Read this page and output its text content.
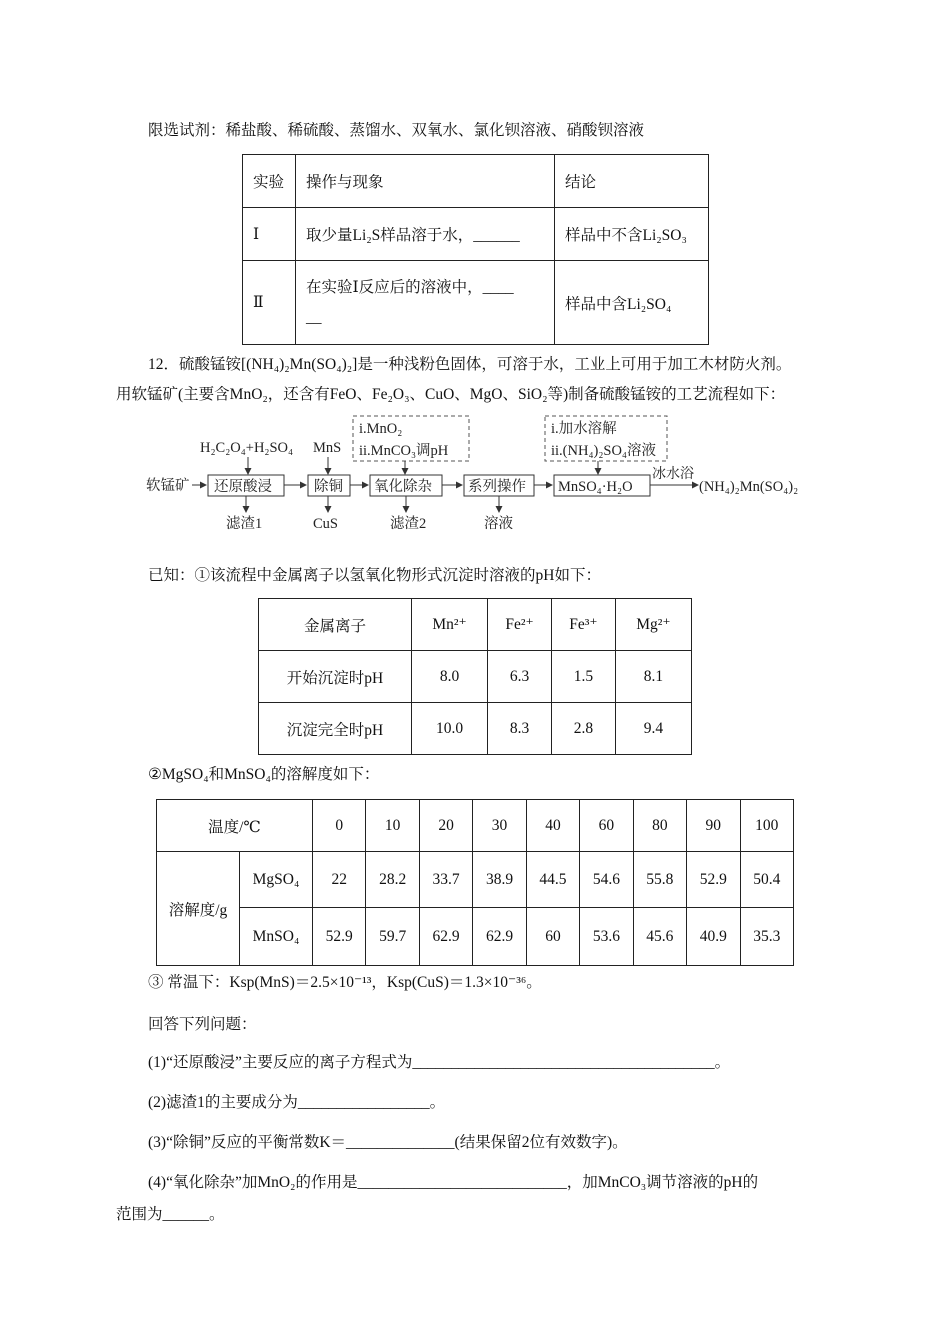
限选试剂：稀盐酸、稀硫酸、蒸馏水、双氧水、氯化钡溶液、硝酸钡溶液
实验	操作与现象	结论
Ⅰ	取少量Li₂S样品溶于水，______	样品中不含Li₂SO₃
Ⅱ	在实验Ⅰ反应后的溶液中，____
__	样品中含Li₂SO₄
12．硫酸锰铵[(NH₄)₂Mn(SO₄)₂]是一种浅粉色固体，可溶于水，工业上可用于加工木材防火剂。
用软锰矿(主要含MnO₂，还含有FeO、Fe₂O₃、CuO、MgO、SiO₂等)制备硫酸锰铵的工艺流程如下：
i.MnO₂
ii.MnCO₃调pH
i.加水溶解
ii.(NH₄)₂SO₄溶液
H₂C₂O₄+H₂SO₄ MnS
软锰矿 还原酸浸	除铜 氧化除杂 系列操作 MnSO₄·H₂O
冰水浴
(NH₄)₂Mn(SO₄)₂
滤渣1	CuS	滤渣2	溶液
已知：①该流程中金属离子以氢氧化物形式沉淀时溶液的pH如下：
金属离子	Mn²⁺	Fe²⁺	Fe³⁺	Mg²⁺
开始沉淀时pH	8.0	6.3	1.5	8.1
沉淀完全时pH	10.0	8.3	2.8	9.4
②MgSO₄和MnSO₄的溶解度如下：
温度/℃		0	10	20	30	40	60	80	90	100
溶解度/g	MgSO₄	22	28.2	33.7	38.9	44.5	54.6	55.8	52.9	50.4
	MnSO₄	52.9	59.7	62.9	62.9	60	53.6	45.6	40.9	35.3
③ 常温下：Ksp(MnS)＝2.5×10⁻¹³，Ksp(CuS)＝1.3×10⁻³⁶。
回答下列问题：
(1)“还原酸浸”主要反应的离子方程式为_______________________________________。
(2)滤渣1的主要成分为_________________。
(3)“除铜”反应的平衡常数K＝______________(结果保留2位有效数字)。
(4)“氧化除杂”加MnO₂的作用是___________________________，加MnCO₃调节溶液的pH的
范围为______。
